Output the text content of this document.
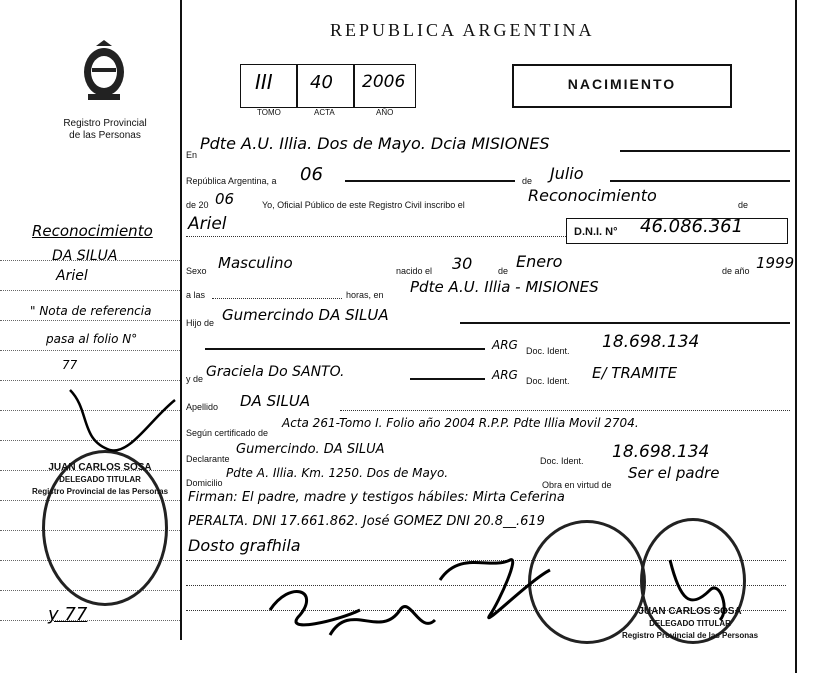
Registro Provincial
de las Personas
REPUBLICA ARGENTINA
III 40 2006
TOMO	ACTA	AÑO
NACIMIENTO
Reconocimiento
DA SILUA
Ariel
" Nota de referencia
pasa al folio N°
77
y 77
JUAN CARLOS SOSA
DELEGADO TITULAR
Registro Provincial de las Personas
En
Pdte A.U. Illia. Dos de Mayo. Dcia MISIONES
República Argentina, a 06	de Julio
de 20 06	Yo, Oficial Público de este Registro Civil inscribo el	Reconocimiento	de
Ariel	D.N.I. N° 46.086.361
Sexo Masculino	nacido el 30	de Enero	de año 1999
a las	horas, en Pdte A.U. Illia - MISIONES
Hijo de Gumercindo DA SILUA
ARG Doc. Ident. 18.698.134
y de Graciela Do SANTO.	ARG Doc. Ident. E/ TRAMITE
Apellido DA SILUA
Según certificado de
Acta 261-Tomo I. Folio año 2004 R.P.P. Pdte Illia Movil 2704.
Declarante
Gumercindo. DA SILUA
Doc. Ident. 18.698.134
Domicilio
Pdte A. Illia. Km. 1250. Dos de Mayo.
Obra en virtud de
Ser el padre
Firman: El padre, madre y testigos hábiles: Mirta Ceferina
PERALTA. DNI 17.661.862. José GOMEZ DNI 20.8__.619
Dosto grafhila
JUAN CARLOS SOSA
DELEGADO TITULAR
Registro Provincial de las Personas
